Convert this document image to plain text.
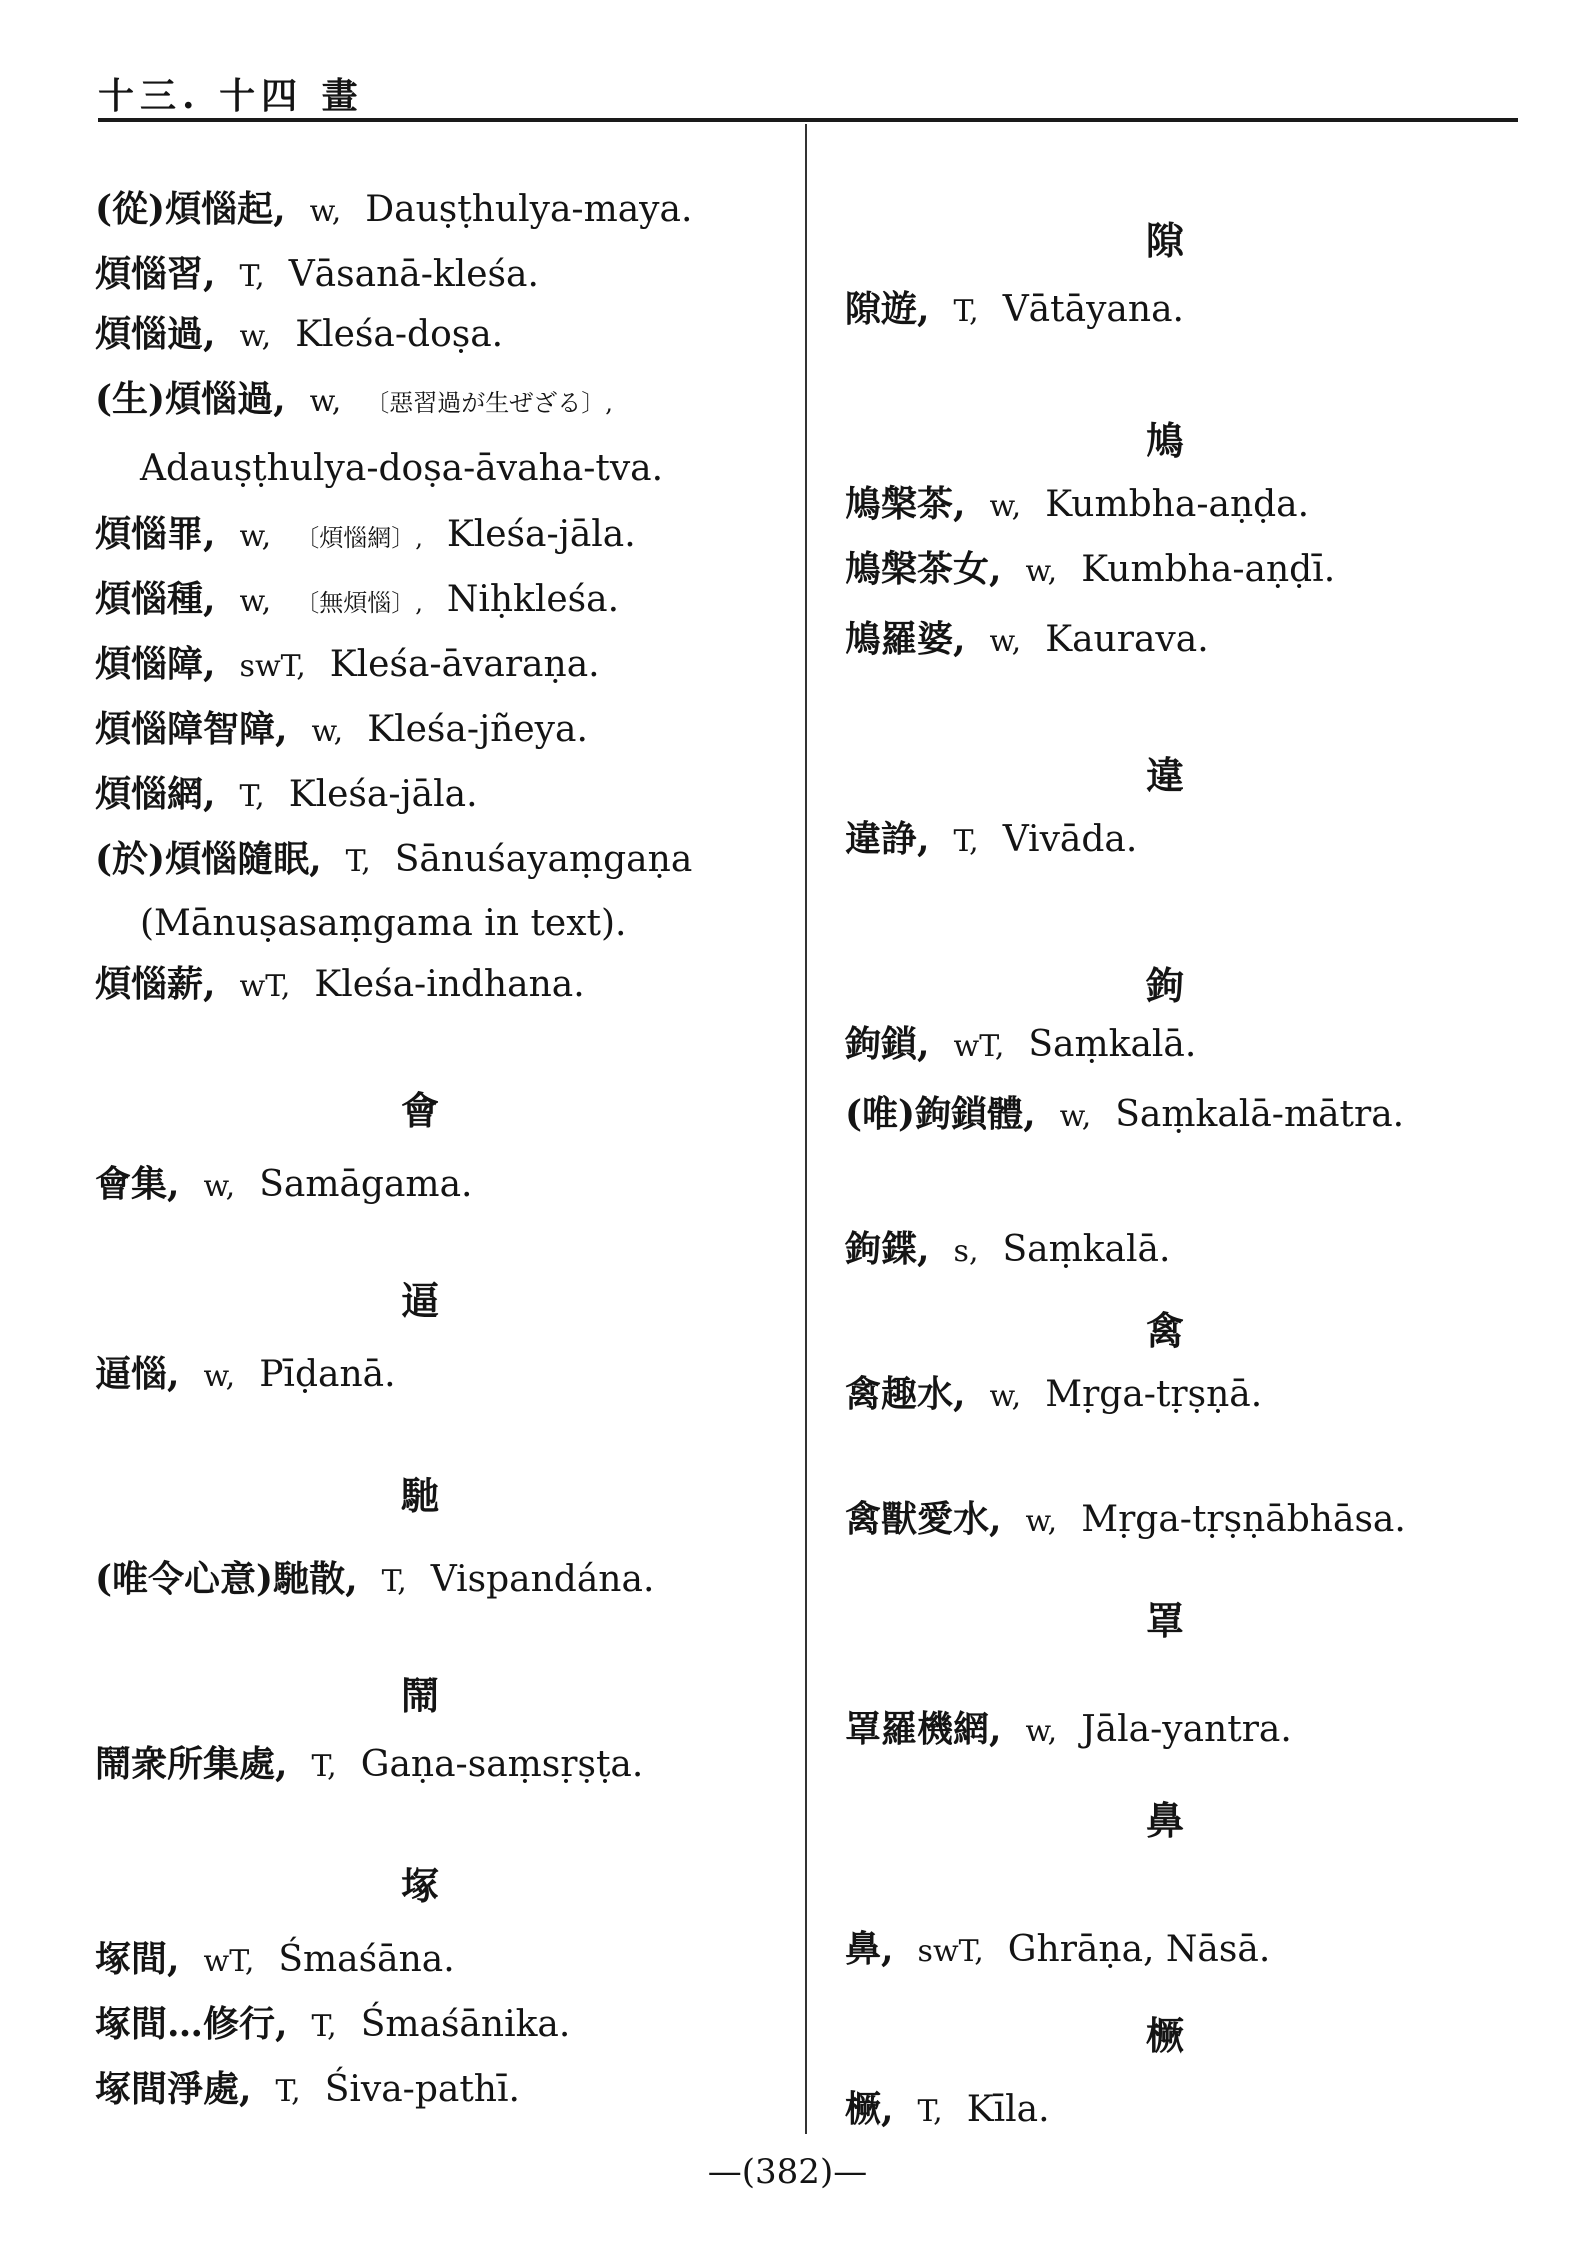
十三. 十四 畫
(從)煩惱起, w, Dauṣṭhulya-maya.
煩惱習, T, Vāsanā-kleśa.
煩惱過, w, Kleśa-doṣa.
(生)煩惱過, w, 〔惡習過が生ぜざる〕,
Adauṣṭhulya-doṣa-āvaha-tva.
煩惱罪, w, 〔煩惱網〕, Kleśa-jāla.
煩惱種, w, 〔無煩惱〕, Niḥkleśa.
煩惱障, swT, Kleśa-āvaraṇa.
煩惱障智障, w, Kleśa-jñeya.
煩惱網, T, Kleśa-jāla.
(於)煩惱隨眠, T, Sānuśayaṃgaṇa
(Mānuṣasaṃgama in text).
煩惱薪, wT, Kleśa-indhana.
會
會集, w, Samāgama.
逼
逼惱, w, Pīḍanā.
馳
(唯令心意)馳散, T, Vispandána.
鬧
鬧衆所集處, T, Gaṇa-saṃsṛṣṭa.
塚
塚間, wT, Śmaśāna.
塚間…修行, T, Śmaśānika.
塚間淨處, T, Śiva-pathī.
隙
隙遊, T, Vātāyana.
鳩
鳩槃茶, w, Kumbha-aṇḍa.
鳩槃茶女, w, Kumbha-aṇḍī.
鳩羅婆, w, Kaurava.
違
違諍, T, Vivāda.
鉤
鉤鎖, wT, Saṃkalā.
(唯)鉤鎖體, w, Saṃkalā-mātra.
鉤鍱, s, Saṃkalā.
禽
禽趣水, w, Mṛga-tṛṣṇā.
禽獸愛水, w, Mṛga-tṛṣṇābhāsa.
罩
罩羅機網, w, Jāla-yantra.
鼻
鼻, swT, Ghrāṇa, Nāsā.
橛
橛, T, Kīla.
—(382)—
